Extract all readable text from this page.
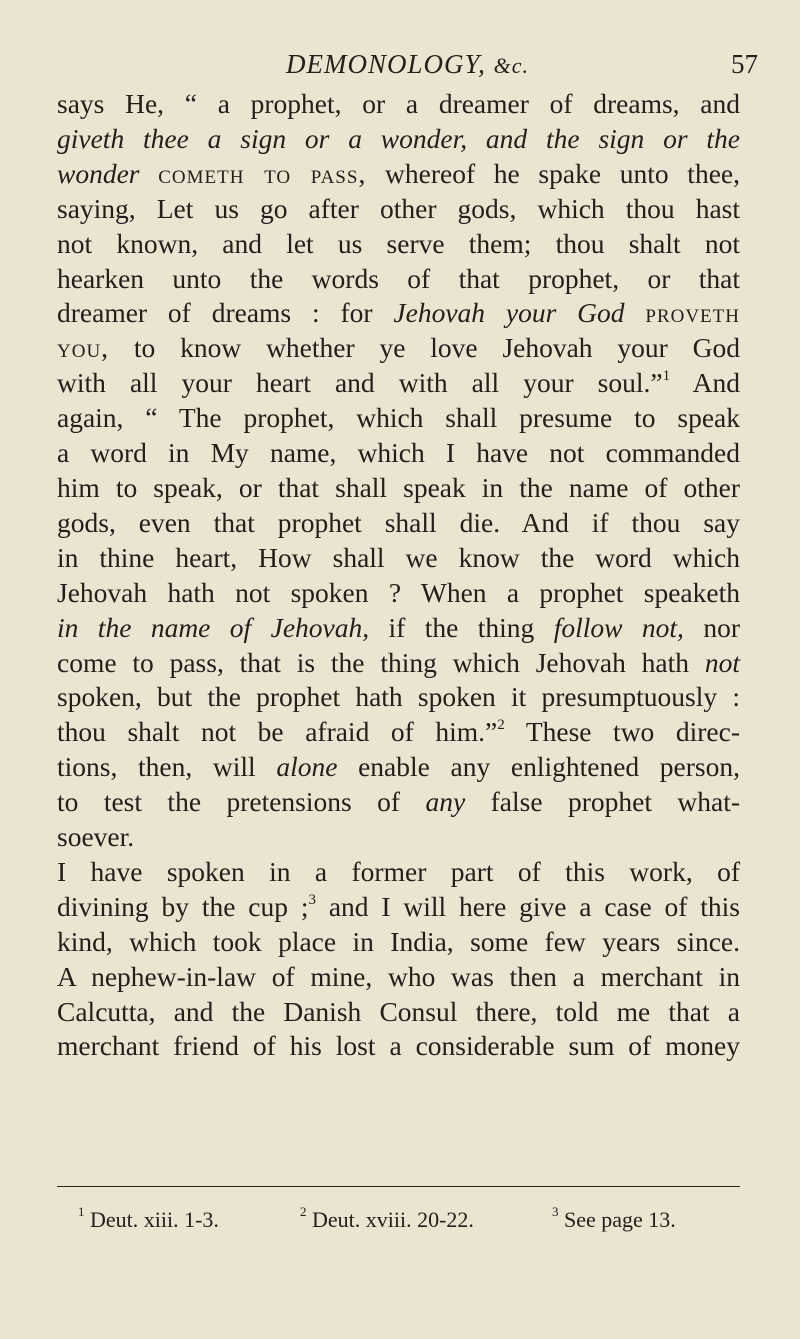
DEMONOLOGY, &c.	57
says He, “ a prophet, or a dreamer of dreams, and
giveth thee a sign or a wonder, and the sign or the
wonder cometh to pass, whereof he spake unto thee,
saying, Let us go after other gods, which thou hast
not known, and let us serve them; thou shalt not
hearken unto the words of that prophet, or that
dreamer of dreams : for Jehovah your God proveth
you, to know whether ye love Jehovah your God
with all your heart and with all your soul.”$^1$ And
again, “ The prophet, which shall presume to speak
a word in My name, which I have not commanded
him to speak, or that shall speak in the name of other
gods, even that prophet shall die. And if thou say
in thine heart, How shall we know the word which
Jehovah hath not spoken ? When a prophet speaketh
in the name of Jehovah, if the thing follow not, nor
come to pass, that is the thing which Jehovah hath not
spoken, but the prophet hath spoken it presumptuously :
thou shalt not be afraid of him.”$^2$ These two direc-
tions, then, will alone enable any enlightened person,
to test the pretensions of any false prophet what-
soever.
I have spoken in a former part of this work, of
divining by the cup ;$^3$ and I will here give a case of this
kind, which took place in India, some few years since.
A nephew-in-law of mine, who was then a merchant in
Calcutta, and the Danish Consul there, told me that a
merchant friend of his lost a considerable sum of money
$^1$ Deut. xiii. 1-3.	$^2$ Deut. xviii. 20-22.	$^3$ See page 13.
